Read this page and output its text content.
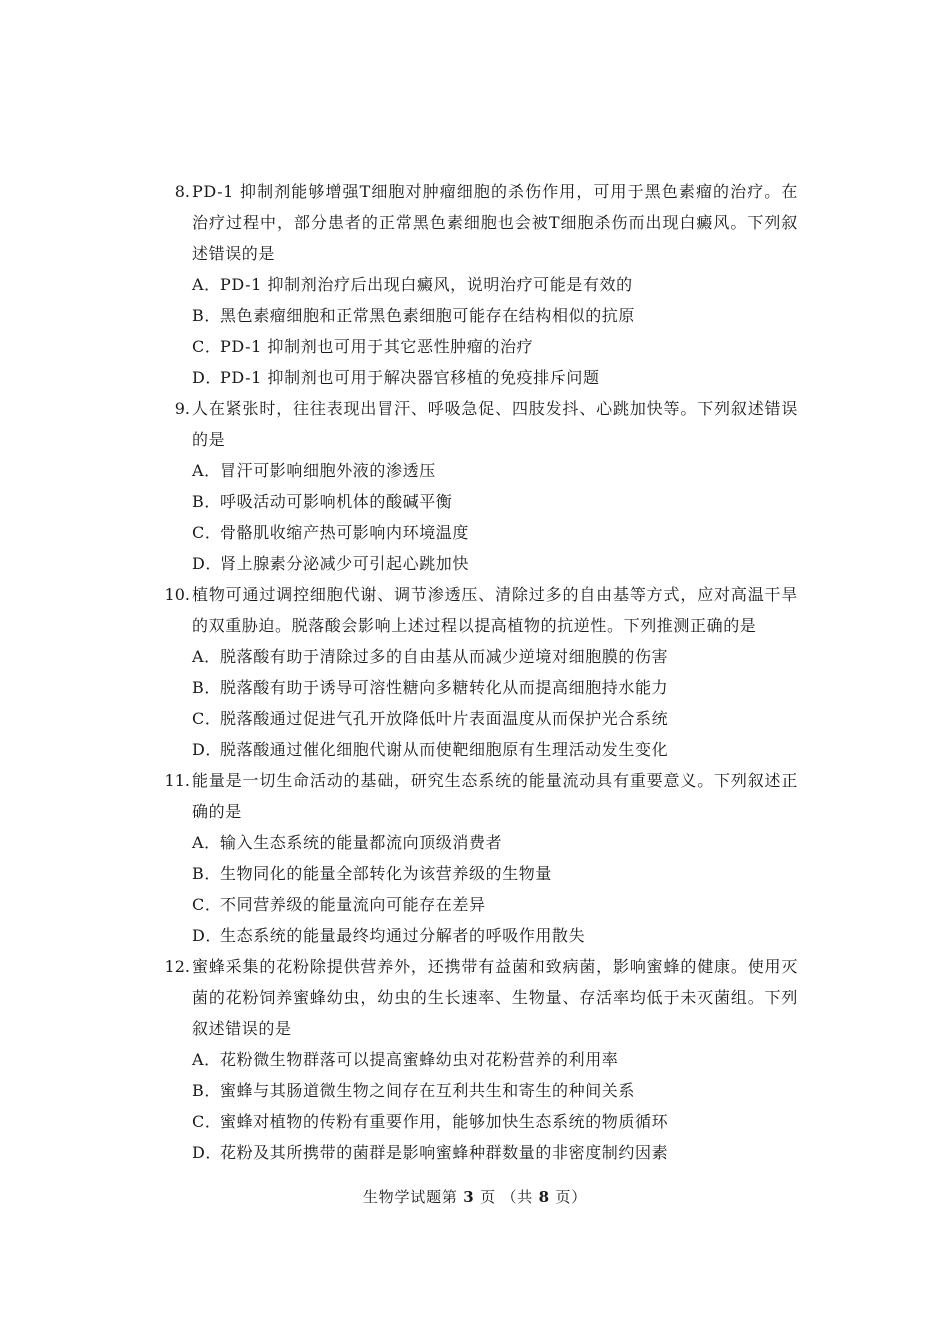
8. PD-1 抑制剂能够增强T细胞对肿瘤细胞的杀伤作用，可用于黑色素瘤的治疗。在治疗过程中，部分患者的正常黑色素细胞也会被T细胞杀伤而出现白癜风。下列叙述错误的是
A． PD-1 抑制剂治疗后出现白癜风，说明治疗可能是有效的
B． 黑色素瘤细胞和正常黑色素细胞可能存在结构相似的抗原
C．
PD-1 抑制剂也可用于其它恶性肿瘤的治疗
D．
PD-1 抑制剂也可用于解决器官移植的免疫排斥问题
9. 人在紧张时，往往表现出冒汗、呼吸急促、四肢发抖、心跳加快等。下列叙述错误的是
A． 冒汗可影响细胞外液的渗透压
B． 呼吸活动可影响机体的酸碱平衡
C．
骨骼肌收缩产热可影响内环境温度
D．
肾上腺素分泌减少可引起心跳加快
10. 植物可通过调控细胞代谢、调节渗透压、清除过多的自由基等方式，应对高温干旱的双重胁迫。脱落酸会影响上述过程以提高植物的抗逆性。下列推测正确的是
A． 脱落酸有助于清除过多的自由基从而减少逆境对细胞膜的伤害
B． 脱落酸有助于诱导可溶性糖向多糖转化从而提高细胞持水能力
C．
脱落酸通过促进气孔开放降低叶片表面温度从而保护光合系统
D．
脱落酸通过催化细胞代谢从而使靶细胞原有生理活动发生变化
11. 能量是一切生命活动的基础，研究生态系统的能量流动具有重要意义。下列叙述正确的是
A． 输入生态系统的能量都流向顶级消费者
B． 生物同化的能量全部转化为该营养级的生物量
C．
不同营养级的能量流向可能存在差异
D．
生态系统的能量最终均通过分解者的呼吸作用散失
12. 蜜蜂采集的花粉除提供营养外，还携带有益菌和致病菌，影响蜜蜂的健康。使用灭菌的花粉饲养蜜蜂幼虫，幼虫的生长速率、生物量、存活率均低于未灭菌组。下列叙述错误的是
A． 花粉微生物群落可以提高蜜蜂幼虫对花粉营养的利用率
B． 蜜蜂与其肠道微生物之间存在互利共生和寄生的种间关系
C．
蜜蜂对植物的传粉有重要作用，能够加快生态系统的物质循环
D．
花粉及其所携带的菌群是影响蜜蜂种群数量的非密度制约因素
生物学试题第 3 页 （共 8 页）
